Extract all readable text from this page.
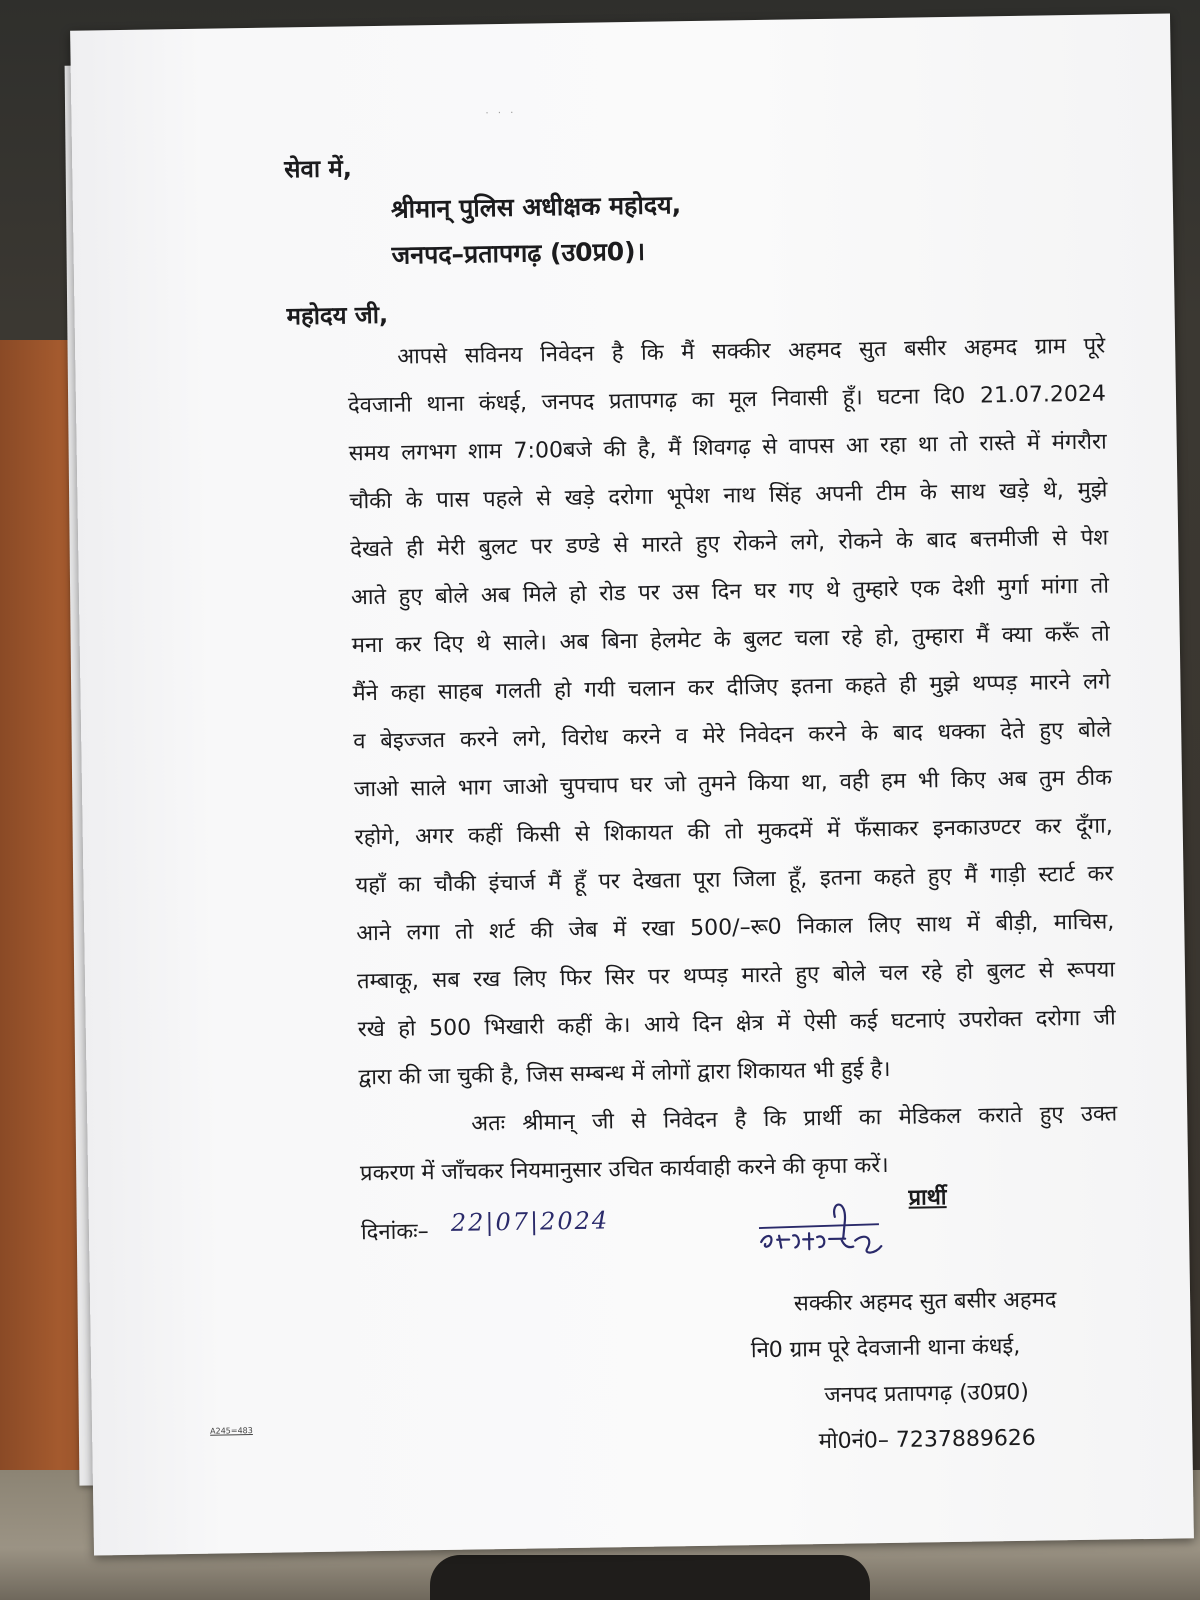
· · ·
सेवा में,
श्रीमान् पुलिस अधीक्षक महोदय,
जनपद–प्रतापगढ़ (उ0प्र0)।
महोदय जी,
आपसे सविनय निवेदन है कि मैं सक्कीर अहमद सुत बसीर अहमद ग्राम पूरे
देवजानी थाना कंधई, जनपद प्रतापगढ़ का मूल निवासी हूँ। घटना दि0 21.07.2024
समय लगभग शाम 7:00बजे की है, मैं शिवगढ़ से वापस आ रहा था तो रास्ते में मंगरौरा
चौकी के पास पहले से खड़े दरोगा भूपेश नाथ सिंह अपनी टीम के साथ खड़े थे, मुझे
देखते ही मेरी बुलट पर डण्डे से मारते हुए रोकने लगे, रोकने के बाद बत्तमीजी से पेश
आते हुए बोले अब मिले हो रोड पर उस दिन घर गए थे तुम्हारे एक देशी मुर्गा मांगा तो
मना कर दिए थे साले। अब बिना हेलमेट के बुलट चला रहे हो, तुम्हारा मैं क्या करूँ तो
मैंने कहा साहब गलती हो गयी चलान कर दीजिए इतना कहते ही मुझे थप्पड़ मारने लगे
व बेइज्जत करने लगे, विरोध करने व मेरे निवेदन करने के बाद धक्का देते हुए बोले
जाओ साले भाग जाओ चुपचाप घर जो तुमने किया था, वही हम भी किए अब तुम ठीक
रहोगे, अगर कहीं किसी से शिकायत की तो मुकदमें में फँसाकर इनकाउण्टर कर दूँगा,
यहाँ का चौकी इंचार्ज मैं हूँ पर देखता पूरा जिला हूँ, इतना कहते हुए मैं गाड़ी स्टार्ट कर
आने लगा तो शर्ट की जेब में रखा 500/–रू0 निकाल लिए साथ में बीड़ी, माचिस,
तम्बाकू, सब रख लिए फिर सिर पर थप्पड़ मारते हुए बोले चल रहे हो बुलट से रूपया
रखे हो 500 भिखारी कहीं के। आये दिन क्षेत्र में ऐसी कई घटनाएं उपरोक्त दरोगा जी
द्वारा की जा चुकी है, जिस सम्बन्ध में लोगों द्वारा शिकायत भी हुई है।
अतः श्रीमान् जी से निवेदन है कि प्रार्थी का मेडिकल कराते हुए उक्त
प्रकरण में जाँचकर नियमानुसार उचित कार्यवाही करने की कृपा करें।
दिनांकः– 22|07|2024
प्रार्थी
सक्कीर अहमद सुत बसीर अहमद
नि0 ग्राम पूरे देवजानी थाना कंधई,
जनपद प्रतापगढ़ (उ0प्र0)
मो0नं0– 7237889626
A245=483
